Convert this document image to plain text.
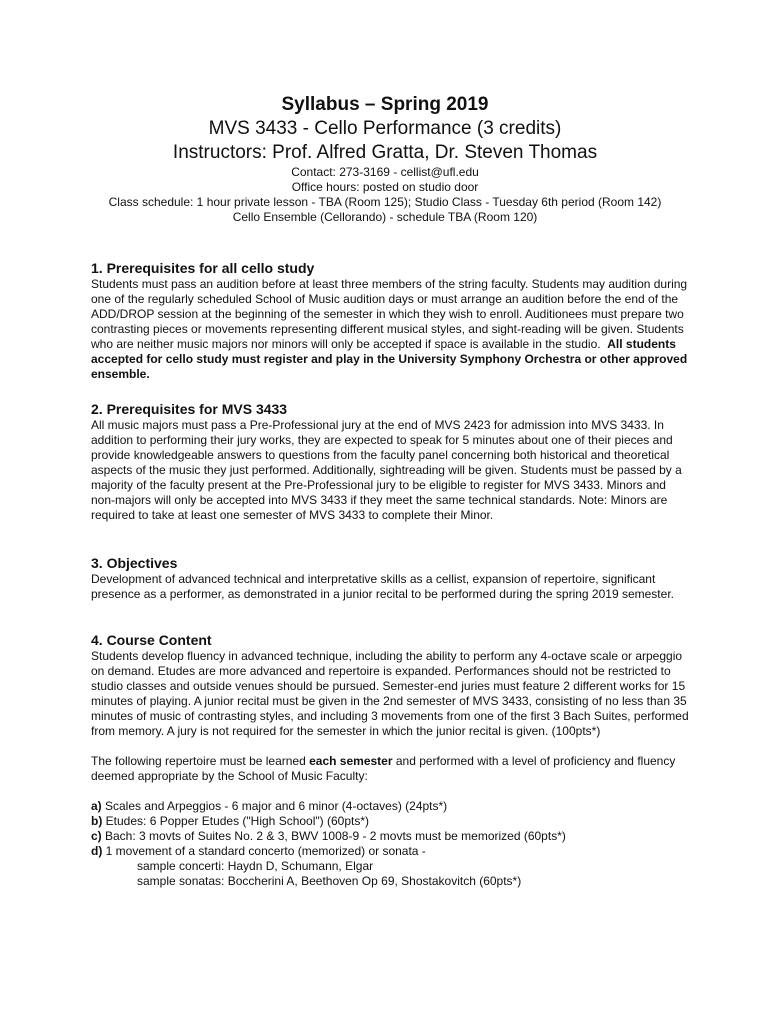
Syllabus – Spring 2019
MVS 3433 - Cello Performance (3 credits)
Instructors: Prof. Alfred Gratta, Dr. Steven Thomas
Contact: 273-3169 - cellist@ufl.edu
Office hours: posted on studio door
Class schedule: 1 hour private lesson - TBA (Room 125); Studio Class - Tuesday 6th period (Room 142)
Cello Ensemble (Cellorando) - schedule TBA (Room 120)
1. Prerequisites for all cello study

Students must pass an audition before at least three members of the string faculty. Students may audition during one of the regularly scheduled School of Music audition days or must arrange an audition before the end of the ADD/DROP session at the beginning of the semester in which they wish to enroll. Auditionees must prepare two contrasting pieces or movements representing different musical styles, and sight-reading will be given. Students who are neither music majors nor minors will only be accepted if space is available in the studio. All students accepted for cello study must register and play in the University Symphony Orchestra or other approved ensemble.

2. Prerequisites for MVS 3433

All music majors must pass a Pre-Professional jury at the end of MVS 2423 for admission into MVS 3433. In addition to performing their jury works, they are expected to speak for 5 minutes about one of their pieces and provide knowledgeable answers to questions from the faculty panel concerning both historical and theoretical aspects of the music they just performed. Additionally, sightreading will be given. Students must be passed by a majority of the faculty present at the Pre-Professional jury to be eligible to register for MVS 3433. Minors and non-majors will only be accepted into MVS 3433 if they meet the same technical standards. Note: Minors are required to take at least one semester of MVS 3433 to complete their Minor.

3. Objectives

Development of advanced technical and interpretative skills as a cellist, expansion of repertoire, significant presence as a performer, as demonstrated in a junior recital to be performed during the spring 2019 semester.

4. Course Content

Students develop fluency in advanced technique, including the ability to perform any 4-octave scale or arpeggio on demand. Etudes are more advanced and repertoire is expanded. Performances should not be restricted to studio classes and outside venues should be pursued. Semester-end juries must feature 2 different works for 15 minutes of playing. A junior recital must be given in the 2nd semester of MVS 3433, consisting of no less than 35 minutes of music of contrasting styles, and including 3 movements from one of the first 3 Bach Suites, performed from memory. A jury is not required for the semester in which the junior recital is given. (100pts*)

The following repertoire must be learned each semester and performed with a level of proficiency and fluency deemed appropriate by the School of Music Faculty:

a) Scales and Arpeggios - 6 major and 6 minor (4-octaves) (24pts*)
b) Etudes: 6 Popper Etudes ("High School") (60pts*)
c) Bach: 3 movts of Suites No. 2 & 3, BWV 1008-9 - 2 movts must be memorized (60pts*)
d) 1 movement of a standard concerto (memorized) or sonata -
sample concerti: Haydn D, Schumann, Elgar
sample sonatas: Boccherini A, Beethoven Op 69, Shostakovitch (60pts*)
